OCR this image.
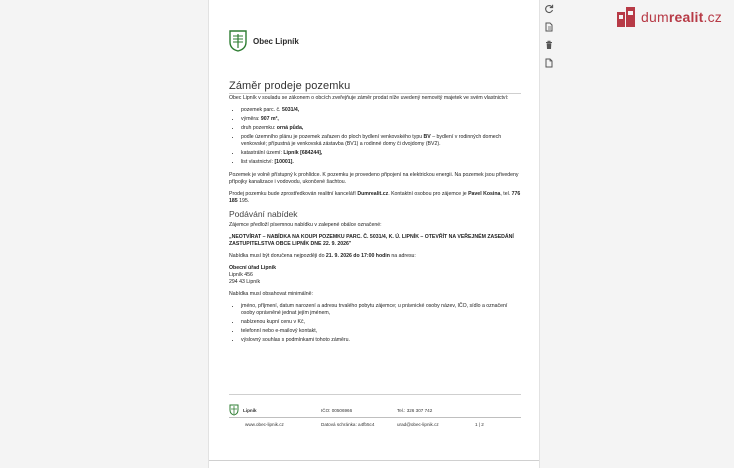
Obec Lipník
Záměr prodeje pozemku

Obec Lipník v souladu se zákonem o obcích zveřejňuje záměr prodat níže uvedený nemovitý majetek ve svém vlastnictví:

• pozemek parc. č. 5031/4,
• výměra: 907 m²,
• druh pozemku: orná půda,
• podle územního plánu je pozemek zařazen do ploch bydlení venkovského typu BV – bydlení v rodinných domech venkovské; přípustná je venkovská zástavba (BV1) a rodinné domy či dvojdomy (BV2).
• katastrální území: Lipník [684244],
• list vlastnictví: [10001].

Pozemek je volně přístupný k prohlídce. K pozemku je provedeno připojení na elektrickou energii. Na pozemek jsou přivedeny přípojky kanalizace i vodovodu, ukončené šachtou.

Prodej pozemku bude zprostředkován realitní kanceláří Dumrealit.cz. Kontaktní osobou pro zájemce je Pavel Kosina, tel. 776 185 195.

Podávání nabídek

Zájemce předloží písemnou nabídku v zalepené obálce označené:

„NEOTVÍRAT – NABÍDKA NA KOUPI POZEMKU PARC. Č. 5031/4, K. Ú. LIPNÍK – OTEVŘÍT NA VEŘEJNÉM ZASEDÁNÍ ZASTUPITELSTVA OBCE LIPNÍK DNE 22. 9. 2026"

Nabídka musí být doručena nejpozději do 21. 9. 2026 do 17:00 hodin na adresu:

Obecní úřad Lipník
Lipník 456
294 43 Lipník

Nabídka musí obsahovat minimálně:

• jméno, příjmení, datum narození a adresu trvalého pobytu zájemce; u právnické osoby název, IČO, sídlo a označení osoby oprávněné jednat jejím jménem,
• nabízenou kupní cenu v Kč,
• telefonní nebo e-mailový kontakt,
• výslovný souhlas s podmínkami tohoto záměru.
Lipník	IČO: 00506966	Tel.: 326 307 742
www.obec-lipnik.cz	Datová schránka: a4fb5c4	urad@obec-lipnik.cz	1 | 2
dumrealit.cz
